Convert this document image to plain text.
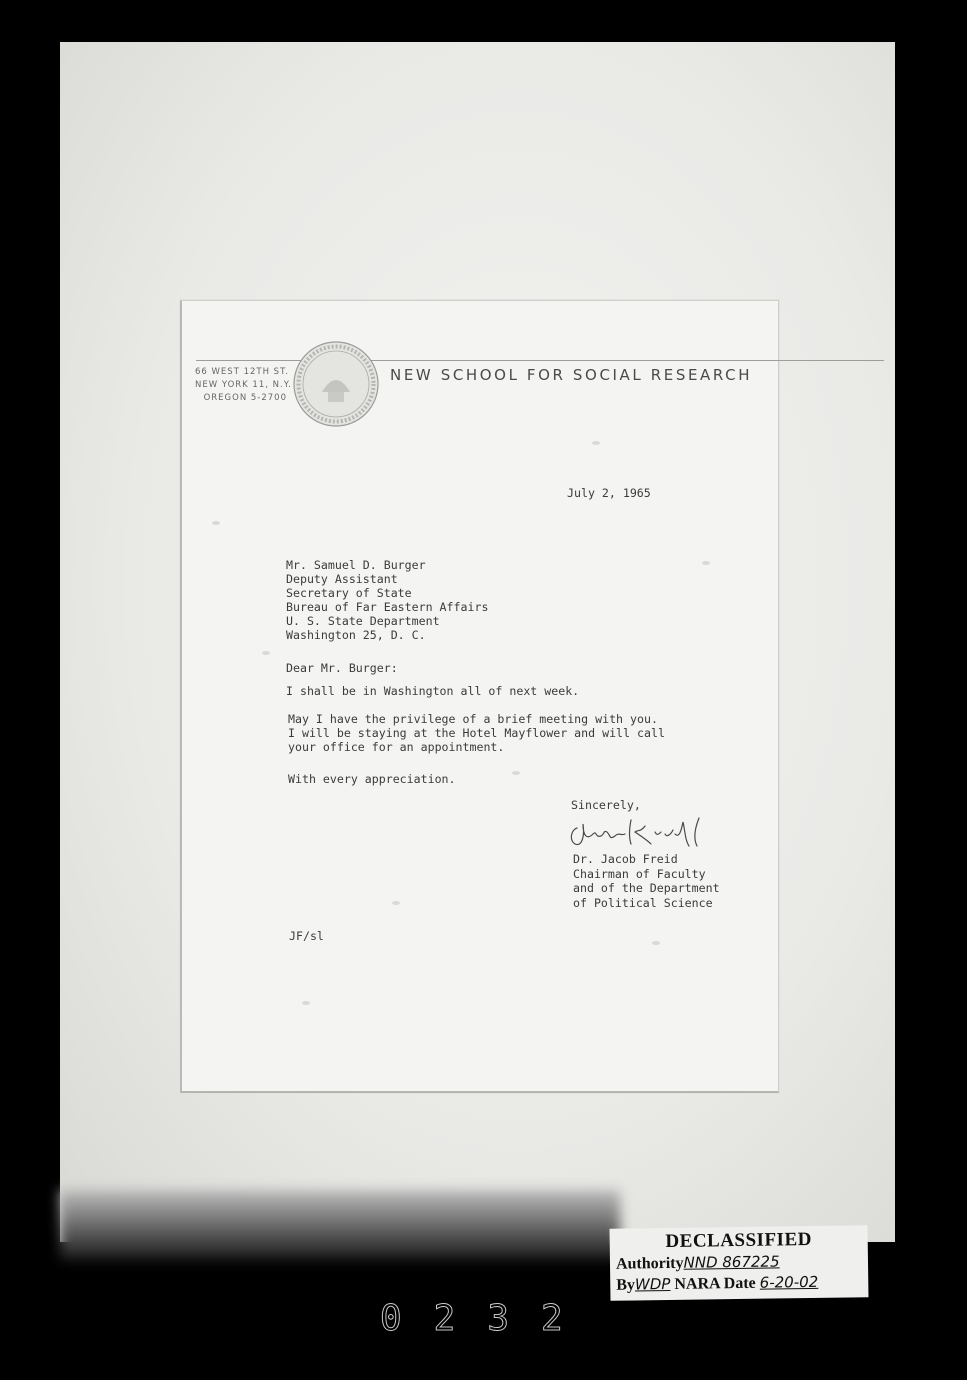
66 WEST 12TH ST.
NEW YORK 11, N.Y.
OREGON 5-2700
NEW SCHOOL FOR SOCIAL RESEARCH
July 2, 1965
Mr. Samuel D. Burger
Deputy Assistant
Secretary of State
Bureau of Far Eastern Affairs
U. S. State Department
Washington 25, D. C.
Dear Mr. Burger:
I shall be in Washington all of next week.
May I have the privilege of a brief meeting with you.
I will be staying at the Hotel Mayflower and will call
your office for an appointment.
With every appreciation.
Sincerely,
Dr. Jacob Freid
Chairman of Faculty
and of the Department
of Political Science
JF/sl
DECLASSIFIED
AuthorityNND 867225
ByWDP NARA Date 6-20-02
0232
